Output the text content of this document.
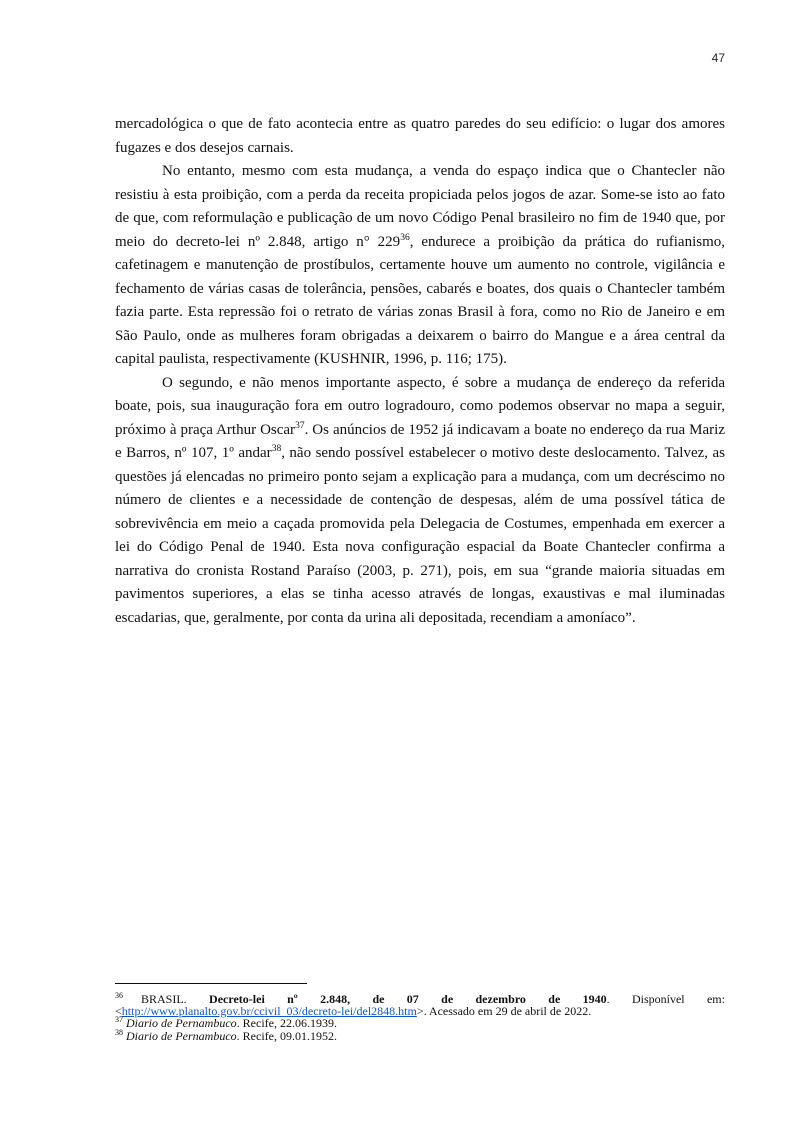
47

mercadológica o que de fato acontecia entre as quatro paredes do seu edifício: o lugar dos amores fugazes e dos desejos carnais.

No entanto, mesmo com esta mudança, a venda do espaço indica que o Chantecler não resistiu à esta proibição, com a perda da receita propiciada pelos jogos de azar. Some-se isto ao fato de que, com reformulação e publicação de um novo Código Penal brasileiro no fim de 1940 que, por meio do decreto-lei nº 2.848, artigo n° $229^{36}$, endurece a proibição da prática do rufianismo, cafetinagem e manutenção de prostíbulos, certamente houve um aumento no controle, vigilância e fechamento de várias casas de tolerância, pensões, cabarés e boates, dos quais o Chantecler também fazia parte. Esta repressão foi o retrato de várias zonas Brasil à fora, como no Rio de Janeiro e em São Paulo, onde as mulheres foram obrigadas a deixarem o bairro do Mangue e a área central da capital paulista, respectivamente (KUSHNIR, 1996, p. 116; 175).

O segundo, e não menos importante aspecto, é sobre a mudança de endereço da referida boate, pois, sua inauguração fora em outro logradouro, como podemos observar no mapa a seguir, próximo à praça Arthur Oscar$^{37}$. Os anúncios de 1952 já indicavam a boate no endereço da rua Mariz e Barros, nº 107, 1º andar$^{38}$, não sendo possível estabelecer o motivo deste deslocamento. Talvez, as questões já elencadas no primeiro ponto sejam a explicação para a mudança, com um decréscimo no número de clientes e a necessidade de contenção de despesas, além de uma possível tática de sobrevivência em meio a caçada promovida pela Delegacia de Costumes, empenhada em exercer a lei do Código Penal de 1940. Esta nova configuração espacial da Boate Chantecler confirma a narrativa do cronista Rostand Paraíso (2003, p. 271), pois, em sua “grande maioria situadas em pavimentos superiores, a elas se tinha acesso através de longas, exaustivas e mal iluminadas escadarias, que, geralmente, por conta da urina ali depositada, recendiam a amoníaco”.

$^{36}$ BRASIL. Decreto-lei nº 2.848, de 07 de dezembro de 1940. Disponível em: <http://www.planalto.gov.br/ccivil_03/decreto-lei/del2848.htm>. Acessado em 29 de abril de 2022.

$^{37}$ Diario de Pernambuco. Recife, 22.06.1939.

$^{38}$ Diario de Pernambuco. Recife, 09.01.1952.
